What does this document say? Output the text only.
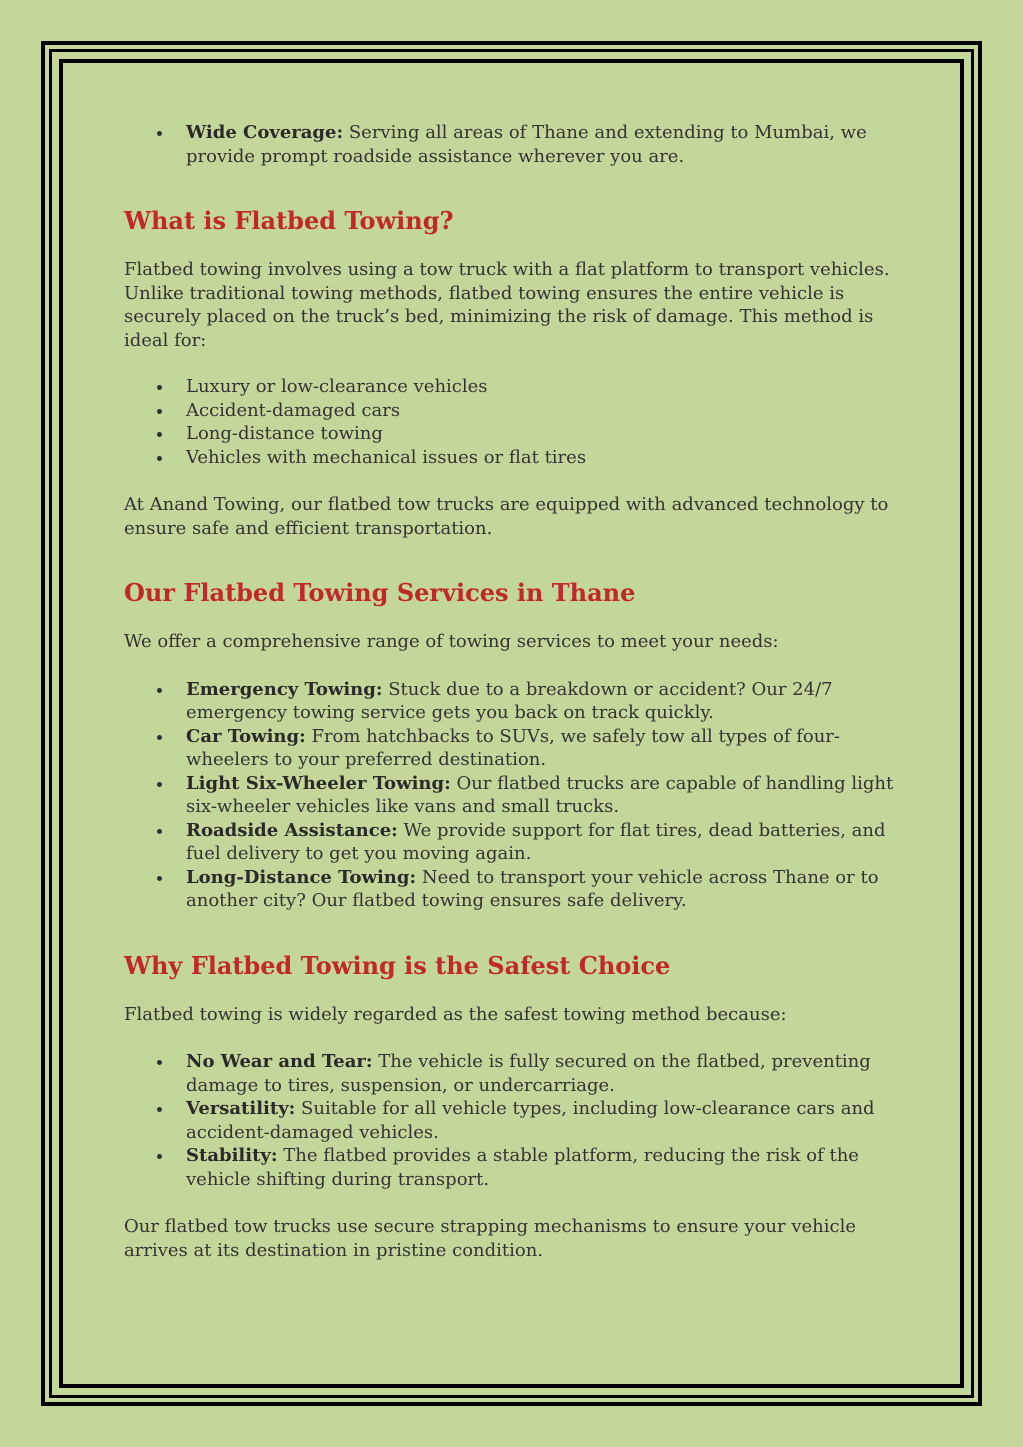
Wide Coverage: Serving all areas of Thane and extending to Mumbai, we provide prompt roadside assistance wherever you are.
What is Flatbed Towing?

Flatbed towing involves using a tow truck with a flat platform to transport vehicles. Unlike traditional towing methods, flatbed towing ensures the entire vehicle is securely placed on the truck’s bed, minimizing the risk of damage. This method is ideal for:

Luxury or low-clearance vehicles
Accident-damaged cars
Long-distance towing
Vehicles with mechanical issues or flat tires

At Anand Towing, our flatbed tow trucks are equipped with advanced technology to ensure safe and efficient transportation.

Our Flatbed Towing Services in Thane

We offer a comprehensive range of towing services to meet your needs:

Emergency Towing: Stuck due to a breakdown or accident? Our 24/7 emergency towing service gets you back on track quickly.
Car Towing: From hatchbacks to SUVs, we safely tow all types of four-wheelers to your preferred destination.
Light Six-Wheeler Towing: Our flatbed trucks are capable of handling light six-wheeler vehicles like vans and small trucks.
Roadside Assistance: We provide support for flat tires, dead batteries, and fuel delivery to get you moving again.
Long-Distance Towing: Need to transport your vehicle across Thane or to another city? Our flatbed towing ensures safe delivery.
Why Flatbed Towing is the Safest Choice

Flatbed towing is widely regarded as the safest towing method because:

No Wear and Tear: The vehicle is fully secured on the flatbed, preventing damage to tires, suspension, or undercarriage.
Versatility: Suitable for all vehicle types, including low-clearance cars and accident-damaged vehicles.
Stability: The flatbed provides a stable platform, reducing the risk of the vehicle shifting during transport.

Our flatbed tow trucks use secure strapping mechanisms to ensure your vehicle arrives at its destination in pristine condition.
